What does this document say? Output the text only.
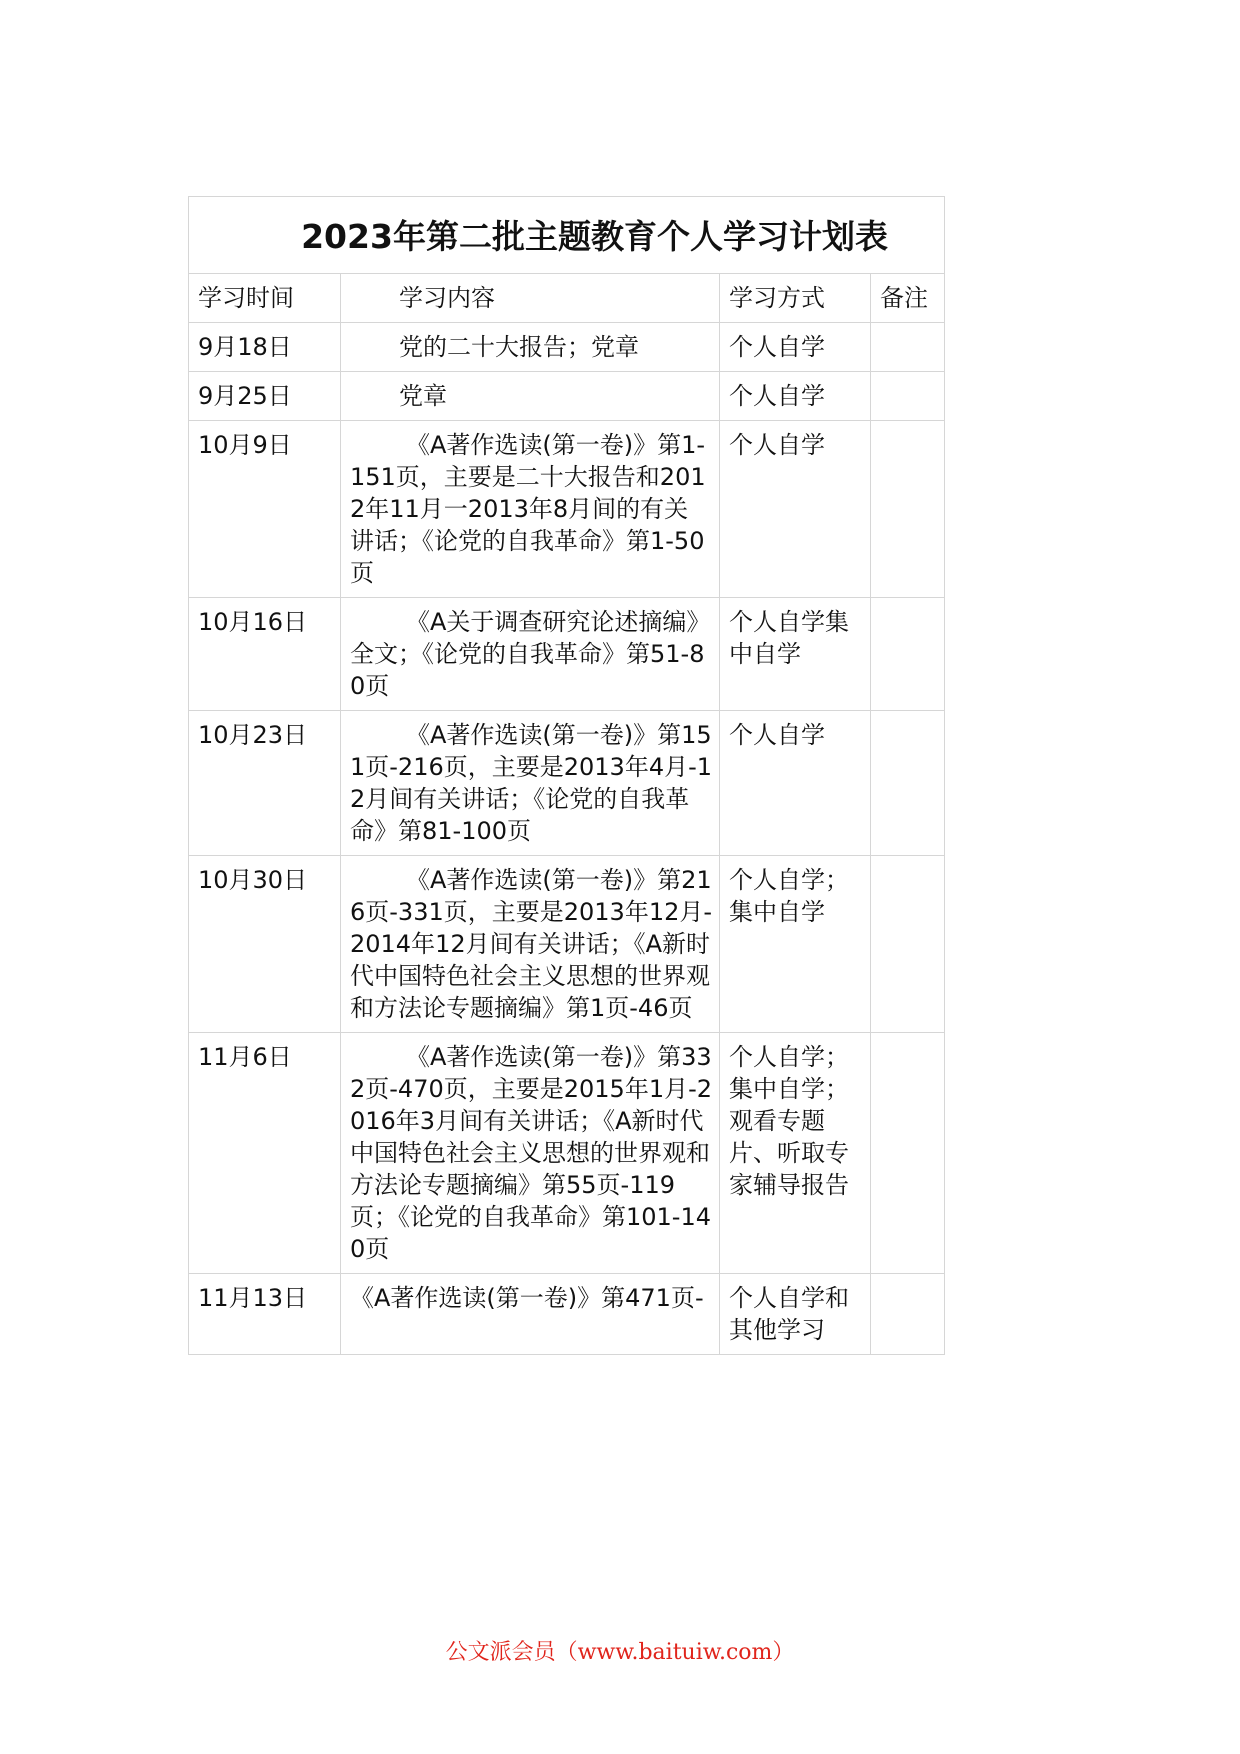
2023年第二批主题教育个人学习计划表			
学习时间	学习内容	学习方式	备注
9月18日	党的二十大报告；党章	个人自学	
9月25日	党章	个人自学	
10月9日	《A著作选读(第一卷)》第1-151页，主要是二十大报告和2012年11月一2013年8月间的有关讲话；《论党的自我革命》第1-50页	个人自学	
10月16日	《A关于调查研究论述摘编》全文；《论党的自我革命》第51-80页	个人自学集中自学	
10月23日	《A著作选读(第一卷)》第151页-216页，主要是2013年4月-12月间有关讲话；《论党的自我革命》第81-100页	个人自学	
10月30日	《A著作选读(第一卷)》第216页-331页，主要是2013年12月-2014年12月间有关讲话；《A新时代中国特色社会主义思想的世界观和方法论专题摘编》第1页-46页	个人自学；集中自学	
11月6日	《A著作选读(第一卷)》第332页-470页，主要是2015年1月-2016年3月间有关讲话；《A新时代中国特色社会主义思想的世界观和方法论专题摘编》第55页-119页；《论党的自我革命》第101-140页	个人自学；集中自学；观看专题片、听取专家辅导报告	
11月13日	《A著作选读(第一卷)》第471页-	个人自学和其他学习	
公文派会员（www.baituiw.com）
